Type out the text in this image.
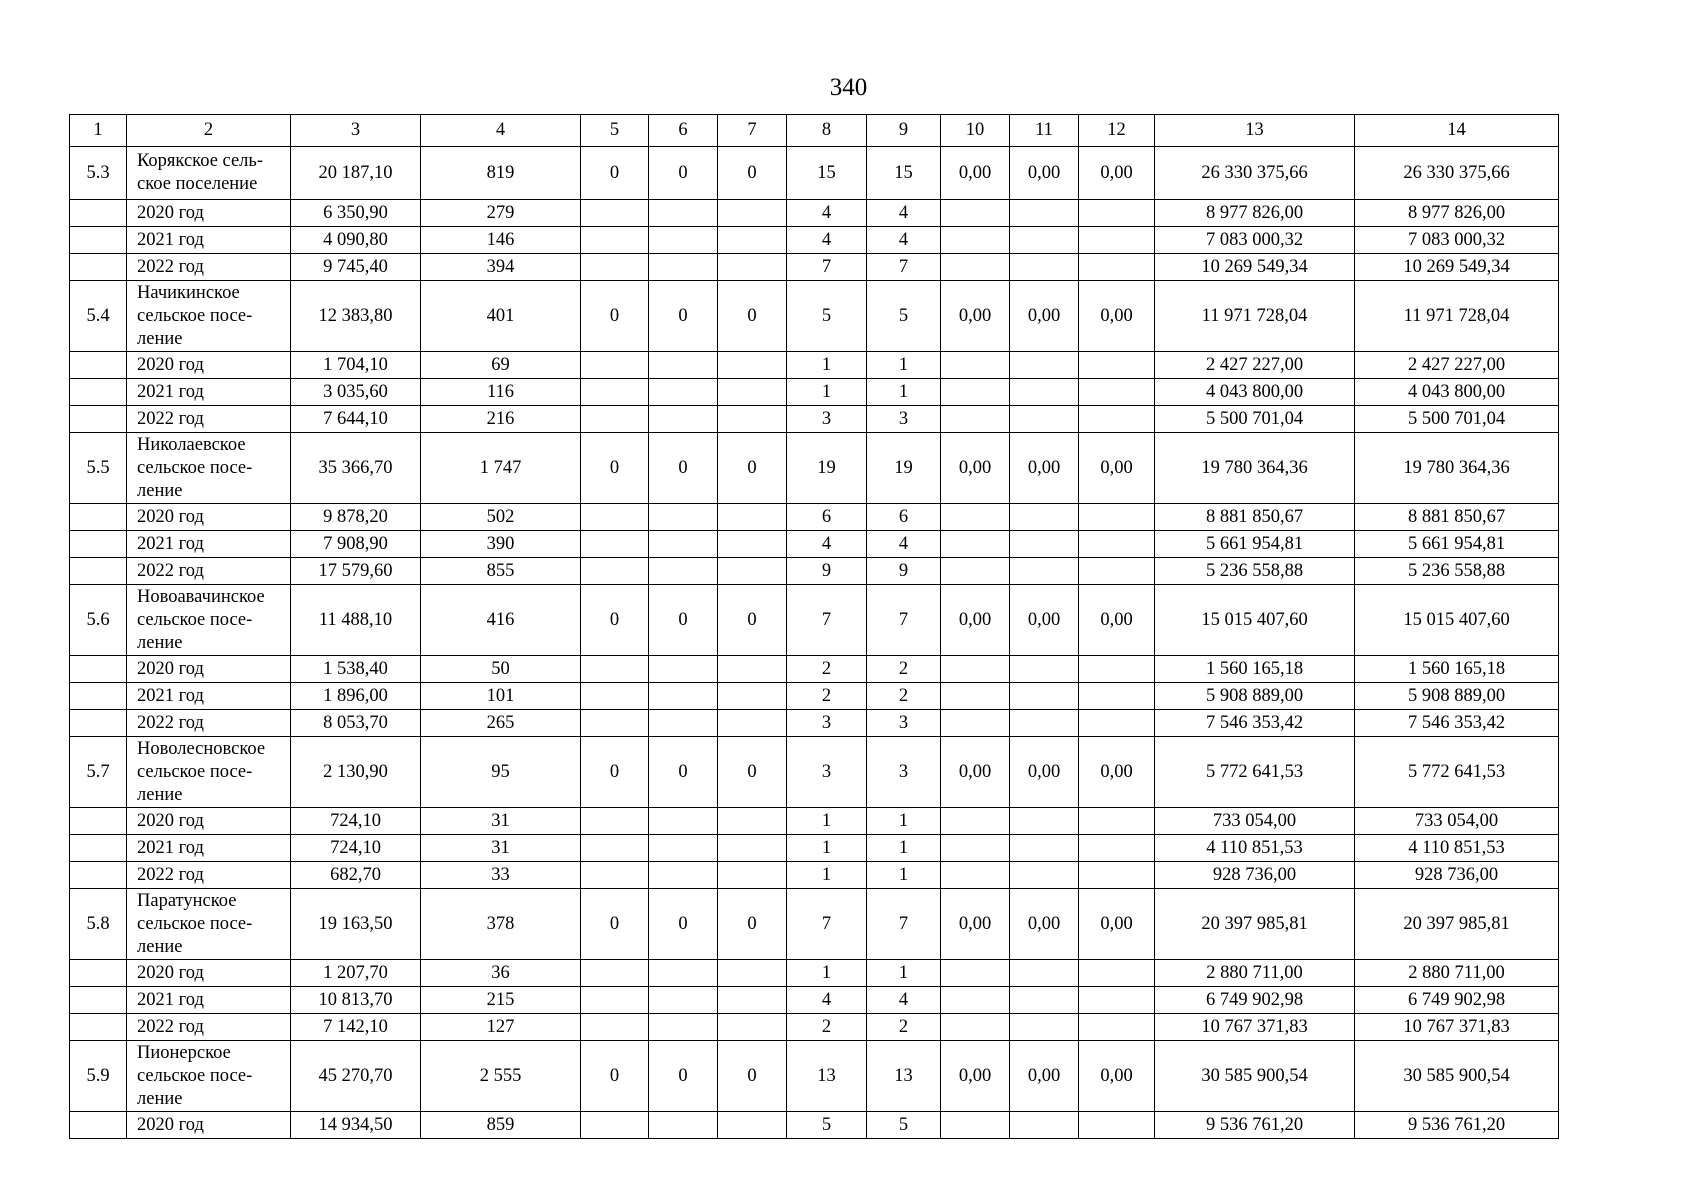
340
1	2	3	4	5	6	7	8	9	10	11	12	13	14
5.3	Корякское сель-ское поселение	20 187,10	819	0	0	0	15	15	0,00	0,00	0,00	26 330 375,66	26 330 375,66
	2020 год	6 350,90	279				4	4				8 977 826,00	8 977 826,00
	2021 год	4 090,80	146				4	4				7 083 000,32	7 083 000,32
	2022 год	9 745,40	394				7	7				10 269 549,34	10 269 549,34
5.4	Начикинское сельское посе-ление	12 383,80	401	0	0	0	5	5	0,00	0,00	0,00	11 971 728,04	11 971 728,04
	2020 год	1 704,10	69				1	1				2 427 227,00	2 427 227,00
	2021 год	3 035,60	116				1	1				4 043 800,00	4 043 800,00
	2022 год	7 644,10	216				3	3				5 500 701,04	5 500 701,04
5.5	Николаевское сельское посе-ление	35 366,70	1 747	0	0	0	19	19	0,00	0,00	0,00	19 780 364,36	19 780 364,36
	2020 год	9 878,20	502				6	6				8 881 850,67	8 881 850,67
	2021 год	7 908,90	390				4	4				5 661 954,81	5 661 954,81
	2022 год	17 579,60	855				9	9				5 236 558,88	5 236 558,88
5.6	Новоавачинское сельское посе-ление	11 488,10	416	0	0	0	7	7	0,00	0,00	0,00	15 015 407,60	15 015 407,60
	2020 год	1 538,40	50				2	2				1 560 165,18	1 560 165,18
	2021 год	1 896,00	101				2	2				5 908 889,00	5 908 889,00
	2022 год	8 053,70	265				3	3				7 546 353,42	7 546 353,42
5.7	Новолесновское сельское посе-ление	2 130,90	95	0	0	0	3	3	0,00	0,00	0,00	5 772 641,53	5 772 641,53
	2020 год	724,10	31				1	1				733 054,00	733 054,00
	2021 год	724,10	31				1	1				4 110 851,53	4 110 851,53
	2022 год	682,70	33				1	1				928 736,00	928 736,00
5.8	Паратунское сельское посе-ление	19 163,50	378	0	0	0	7	7	0,00	0,00	0,00	20 397 985,81	20 397 985,81
	2020 год	1 207,70	36				1	1				2 880 711,00	2 880 711,00
	2021 год	10 813,70	215				4	4				6 749 902,98	6 749 902,98
	2022 год	7 142,10	127				2	2				10 767 371,83	10 767 371,83
5.9	Пионерское сельское посе-ление	45 270,70	2 555	0	0	0	13	13	0,00	0,00	0,00	30 585 900,54	30 585 900,54
	2020 год	14 934,50	859				5	5				9 536 761,20	9 536 761,20
